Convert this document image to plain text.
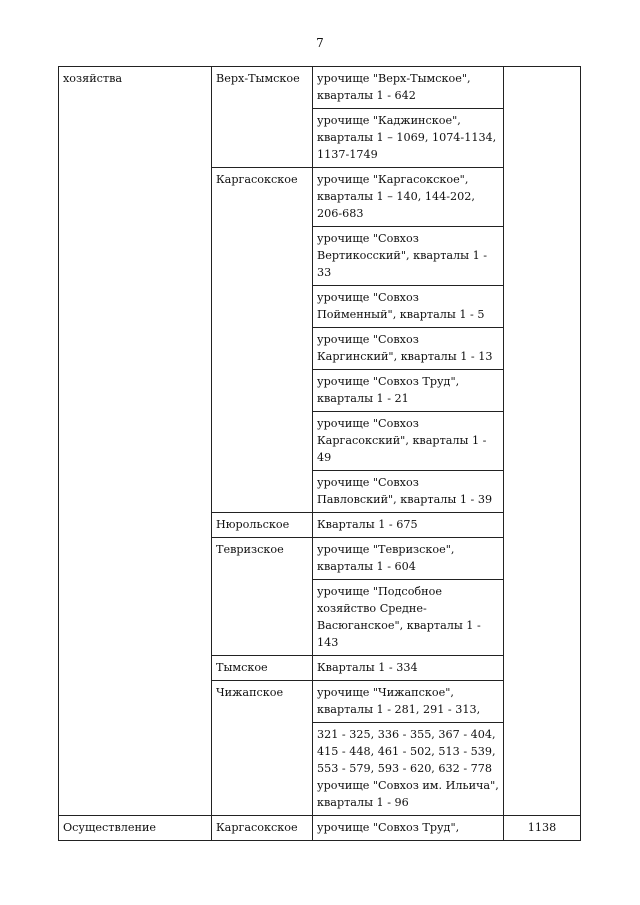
7
хозяйства	Верх-Тымское	урочище "Верх-Тымское", кварталы 1 - 642	
		урочище "Каджинское", кварталы 1 – 1069, 1074-1134, 1137-1749	
	Каргасокское	урочище "Каргасокское", кварталы 1 – 140, 144-202, 206-683	
		урочище "Совхоз Вертикосский", кварталы 1 - 33	
		урочище "Совхоз Пойменный", кварталы 1 - 5	
		урочище "Совхоз Каргинский", кварталы 1 - 13	
		урочище "Совхоз Труд", кварталы 1 - 21	
		урочище "Совхоз Каргасокский", кварталы 1 - 49	
		урочище "Совхоз Павловский", кварталы 1 - 39	
	Нюрольское	Кварталы 1 - 675	
	Тевризское	урочище "Тевризское", кварталы 1 - 604	
		урочище "Подсобное хозяйство Средне-Васюганское", кварталы 1 - 143	
	Тымское	Кварталы 1 - 334	
	Чижапское	урочище "Чижапское", кварталы 1 - 281, 291 - 313,	
		321 - 325, 336 - 355, 367 - 404, 415 - 448, 461 - 502, 513 - 539, 553 - 579, 593 - 620, 632 - 778 урочище "Совхоз им. Ильича", кварталы 1 - 96	
Осуществление	Каргасокское	урочище "Совхоз Труд",	1138
